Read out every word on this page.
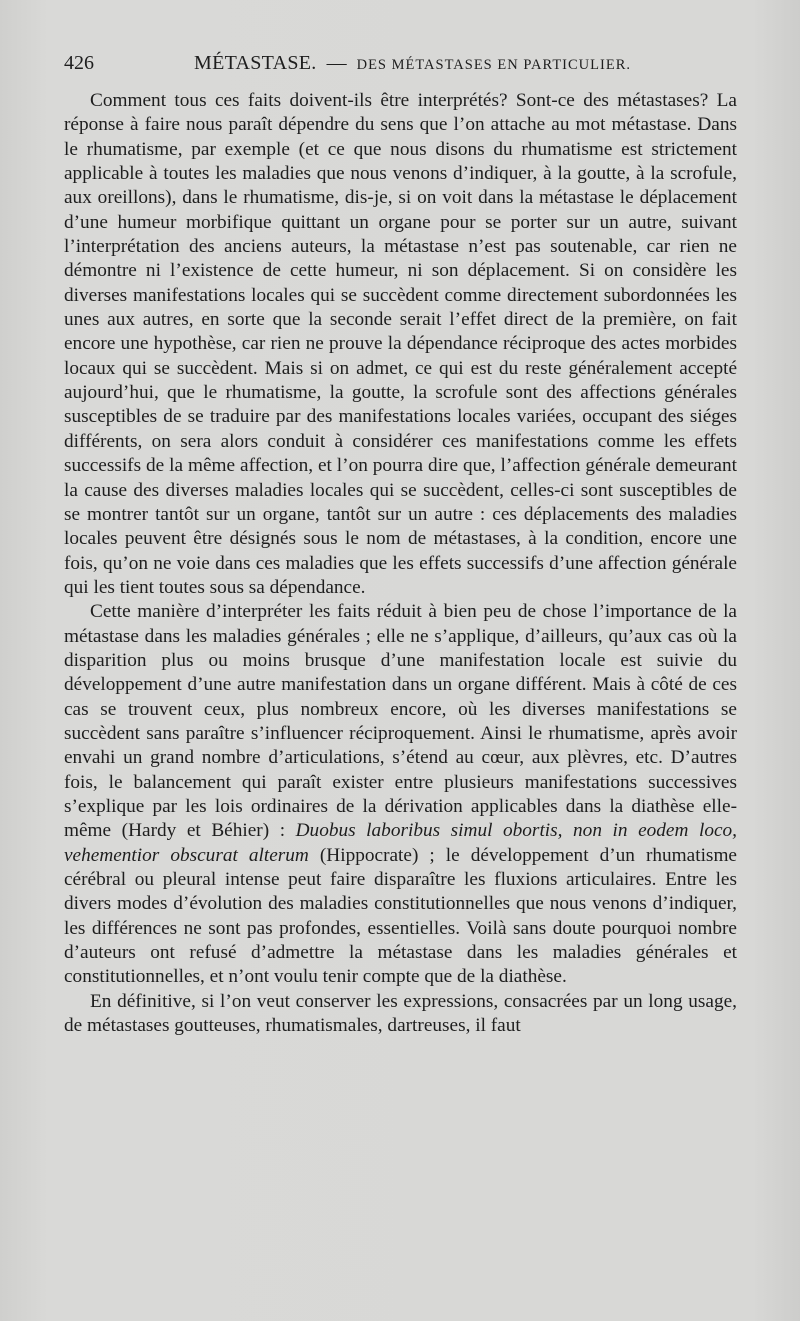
426	MÉTASTASE. — DES MÉTASTASES EN PARTICULIER.

Comment tous ces faits doivent-ils être interprétés? Sont-ce des métastases? La réponse à faire nous paraît dépendre du sens que l’on attache au mot métastase. Dans le rhumatisme, par exemple (et ce que nous disons du rhumatisme est strictement applicable à toutes les maladies que nous venons d’indiquer, à la goutte, à la scrofule, aux oreillons), dans le rhumatisme, dis-je, si on voit dans la métastase le déplacement d’une humeur morbifique quittant un organe pour se porter sur un autre, suivant l’interprétation des anciens auteurs, la métastase n’est pas soutenable, car rien ne démontre ni l’existence de cette humeur, ni son déplacement. Si on considère les diverses manifestations locales qui se succèdent comme directement subordonnées les unes aux autres, en sorte que la seconde serait l’effet direct de la première, on fait encore une hypothèse, car rien ne prouve la dépendance réciproque des actes morbides locaux qui se succèdent. Mais si on admet, ce qui est du reste généralement accepté aujourd’hui, que le rhumatisme, la goutte, la scrofule sont des affections générales susceptibles de se traduire par des manifestations locales variées, occupant des siéges différents, on sera alors conduit à considérer ces manifestations comme les effets successifs de la même affection, et l’on pourra dire que, l’affection générale demeurant la cause des diverses maladies locales qui se succèdent, celles-ci sont susceptibles de se montrer tantôt sur un organe, tantôt sur un autre : ces déplacements des maladies locales peuvent être désignés sous le nom de métastases, à la condition, encore une fois, qu’on ne voie dans ces maladies que les effets successifs d’une affection générale qui les tient toutes sous sa dépendance.

Cette manière d’interpréter les faits réduit à bien peu de chose l’importance de la métastase dans les maladies générales ; elle ne s’applique, d’ailleurs, qu’aux cas où la disparition plus ou moins brusque d’une manifestation locale est suivie du développement d’une autre manifestation dans un organe différent. Mais à côté de ces cas se trouvent ceux, plus nombreux encore, où les diverses manifestations se succèdent sans paraître s’influencer réciproquement. Ainsi le rhumatisme, après avoir envahi un grand nombre d’articulations, s’étend au cœur, aux plèvres, etc. D’autres fois, le balancement qui paraît exister entre plusieurs manifestations successives s’explique par les lois ordinaires de la dérivation applicables dans la diathèse elle-même (Hardy et Béhier) : Duobus laboribus simul obortis, non in eodem loco, vehementior obscurat alterum (Hippocrate) ; le développement d’un rhumatisme cérébral ou pleural intense peut faire disparaître les fluxions articulaires. Entre les divers modes d’évolution des maladies constitutionnelles que nous venons d’indiquer, les différences ne sont pas profondes, essentielles. Voilà sans doute pourquoi nombre d’auteurs ont refusé d’admettre la métastase dans les maladies générales et constitutionnelles, et n’ont voulu tenir compte que de la diathèse.

En définitive, si l’on veut conserver les expressions, consacrées par un long usage, de métastases goutteuses, rhumatismales, dartreuses, il faut
